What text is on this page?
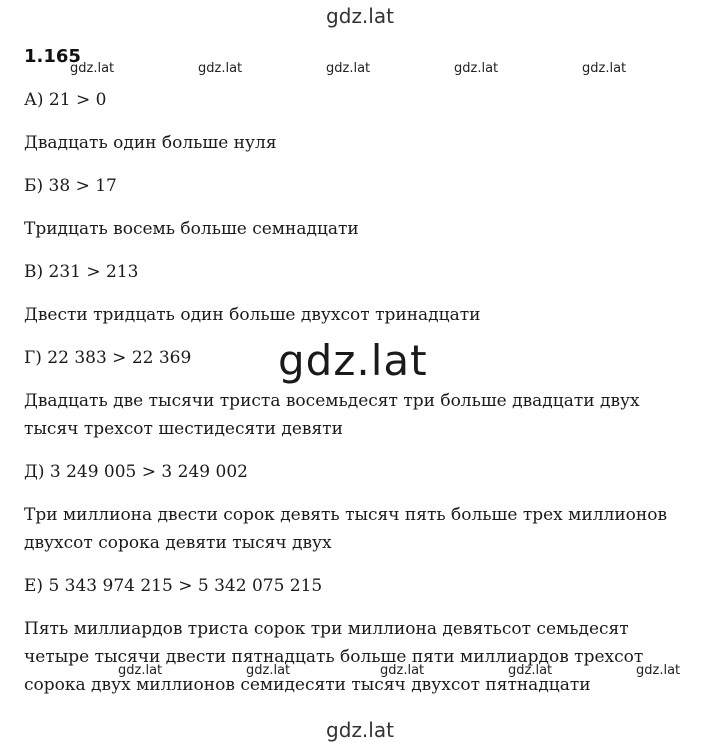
gdz.lat
1.165
gdz.lat	gdz.lat	gdz.lat	gdz.lat	gdz.lat
А) 21 > 0
Двадцать один больше нуля
Б) 38 > 17
Тридцать восемь больше семнадцати
В) 231 > 213
Двести тридцать один больше двухсот тринадцати
Г) 22 383 > 22 369
Двадцать две тысячи триста восемьдесят три больше двадцати двух
тысяч трехсот шестидесяти девяти
Д) 3 249 005 > 3 249 002
Три миллиона двести сорок девять тысяч пять больше трех миллионов
двухсот сорока девяти тысяч двух
Е) 5 343 974 215 > 5 342 075 215
Пять миллиардов триста сорок три миллиона девятьсот семьдесят
четыре тысячи двести пятнадцать больше пяти миллиардов трехсот
сорока двух миллионов семидесяти тысяч двухсот пятнадцати
gdz.lat
gdz.lat	gdz.lat	gdz.lat	gdz.lat	gdz.lat
gdz.lat
